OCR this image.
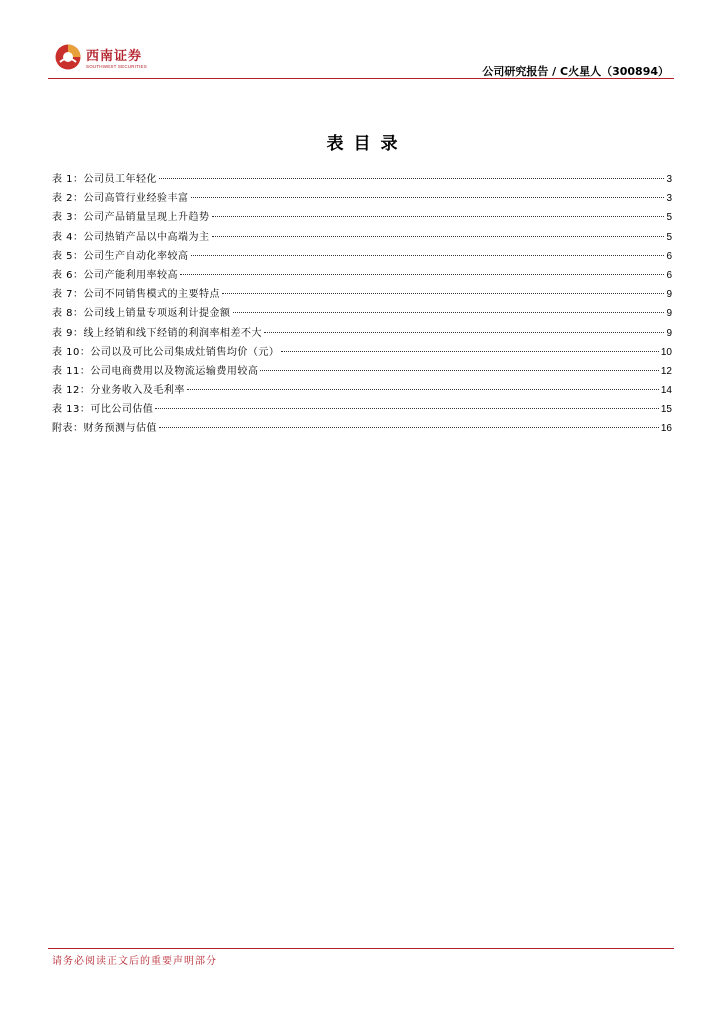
西南证券
SOUTHWEST SECURITIES	公司研究报告 / C火星人（300894）
表目录
表 1：公司员工年轻化	3
表 2：公司高管行业经验丰富	3
表 3：公司产品销量呈现上升趋势	5
表 4：公司热销产品以中高端为主	5
表 5：公司生产自动化率较高	6
表 6：公司产能利用率较高	6
表 7：公司不同销售模式的主要特点	9
表 8：公司线上销量专项返利计提金额	9
表 9：线上经销和线下经销的利润率相差不大	9
表 10：公司以及可比公司集成灶销售均价（元）	10
表 11：公司电商费用以及物流运输费用较高	12
表 12：分业务收入及毛利率	14
表 13：可比公司估值	15
附表：财务预测与估值	16
请务必阅读正文后的重要声明部分
